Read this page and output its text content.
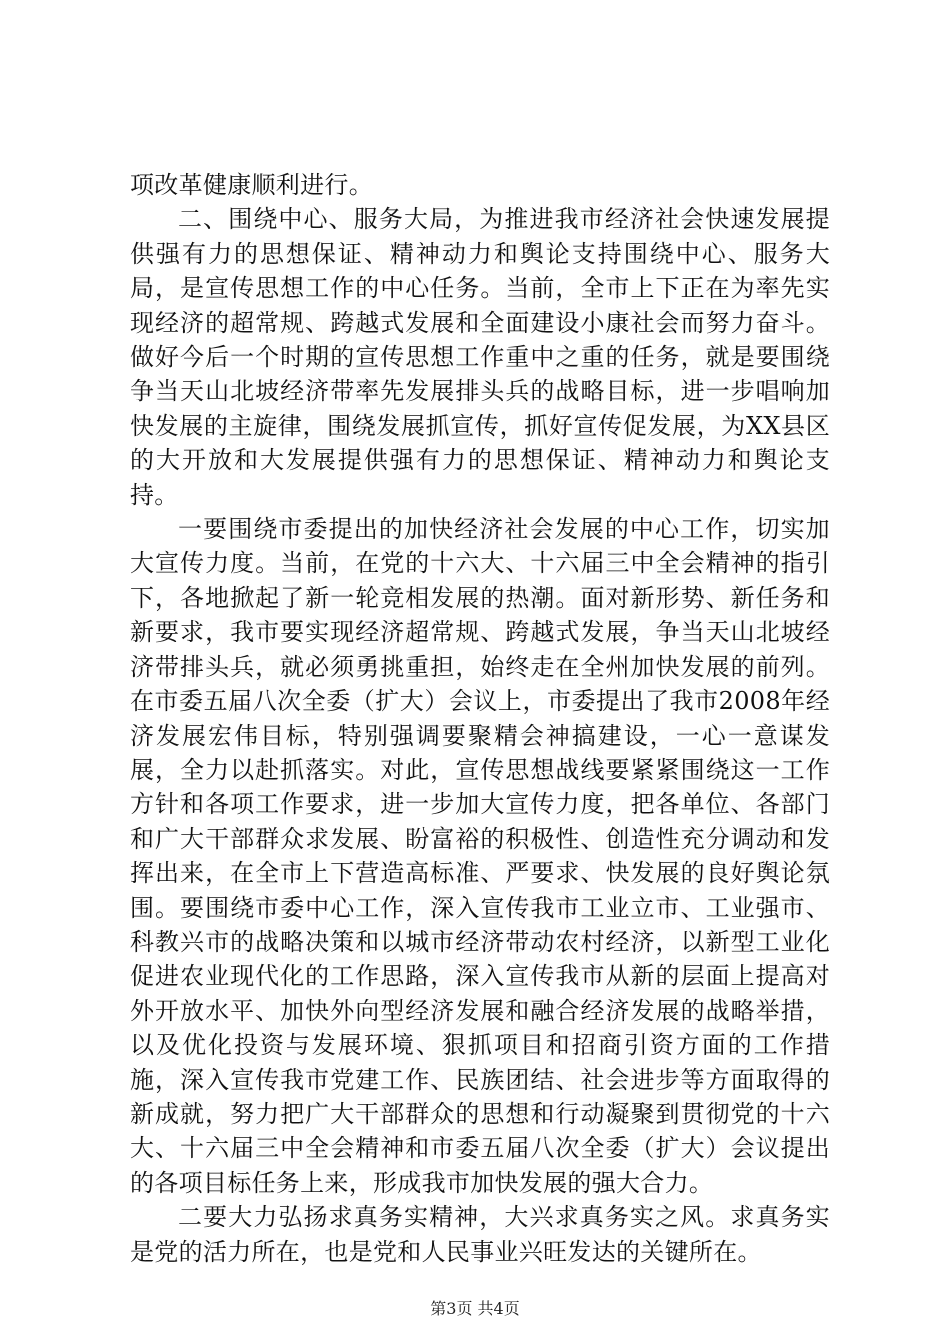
项改革健康顺利进行。

二、围绕中心、服务大局，为推进我市经济社会快速发展提供强有力的思想保证、精神动力和舆论支持围绕中心、服务大局，是宣传思想工作的中心任务。当前，全市上下正在为率先实现经济的超常规、跨越式发展和全面建设小康社会而努力奋斗。做好今后一个时期的宣传思想工作重中之重的任务，就是要围绕争当天山北坡经济带率先发展排头兵的战略目标，进一步唱响加快发展的主旋律，围绕发展抓宣传，抓好宣传促发展，为XX县区的大开放和大发展提供强有力的思想保证、精神动力和舆论支持。

一要围绕市委提出的加快经济社会发展的中心工作，切实加大宣传力度。当前，在党的十六大、十六届三中全会精神的指引下，各地掀起了新一轮竞相发展的热潮。面对新形势、新任务和新要求，我市要实现经济超常规、跨越式发展，争当天山北坡经济带排头兵，就必须勇挑重担，始终走在全州加快发展的前列。在市委五届八次全委（扩大）会议上，市委提出了我市2008年经济发展宏伟目标，特别强调要聚精会神搞建设，一心一意谋发展，全力以赴抓落实。对此，宣传思想战线要紧紧围绕这一工作方针和各项工作要求，进一步加大宣传力度，把各单位、各部门和广大干部群众求发展、盼富裕的积极性、创造性充分调动和发挥出来，在全市上下营造高标准、严要求、快发展的良好舆论氛围。要围绕市委中心工作，深入宣传我市工业立市、工业强市、科教兴市的战略决策和以城市经济带动农村经济，以新型工业化促进农业现代化的工作思路，深入宣传我市从新的层面上提高对外开放水平、加快外向型经济发展和融合经济发展的战略举措，以及优化投资与发展环境、狠抓项目和招商引资方面的工作措施，深入宣传我市党建工作、民族团结、社会进步等方面取得的新成就，努力把广大干部群众的思想和行动凝聚到贯彻党的十六大、十六届三中全会精神和市委五届八次全委（扩大）会议提出的各项目标任务上来，形成我市加快发展的强大合力。

二要大力弘扬求真务实精神，大兴求真务实之风。求真务实是党的活力所在，也是党和人民事业兴旺发达的关键所在。

第3页 共4页
